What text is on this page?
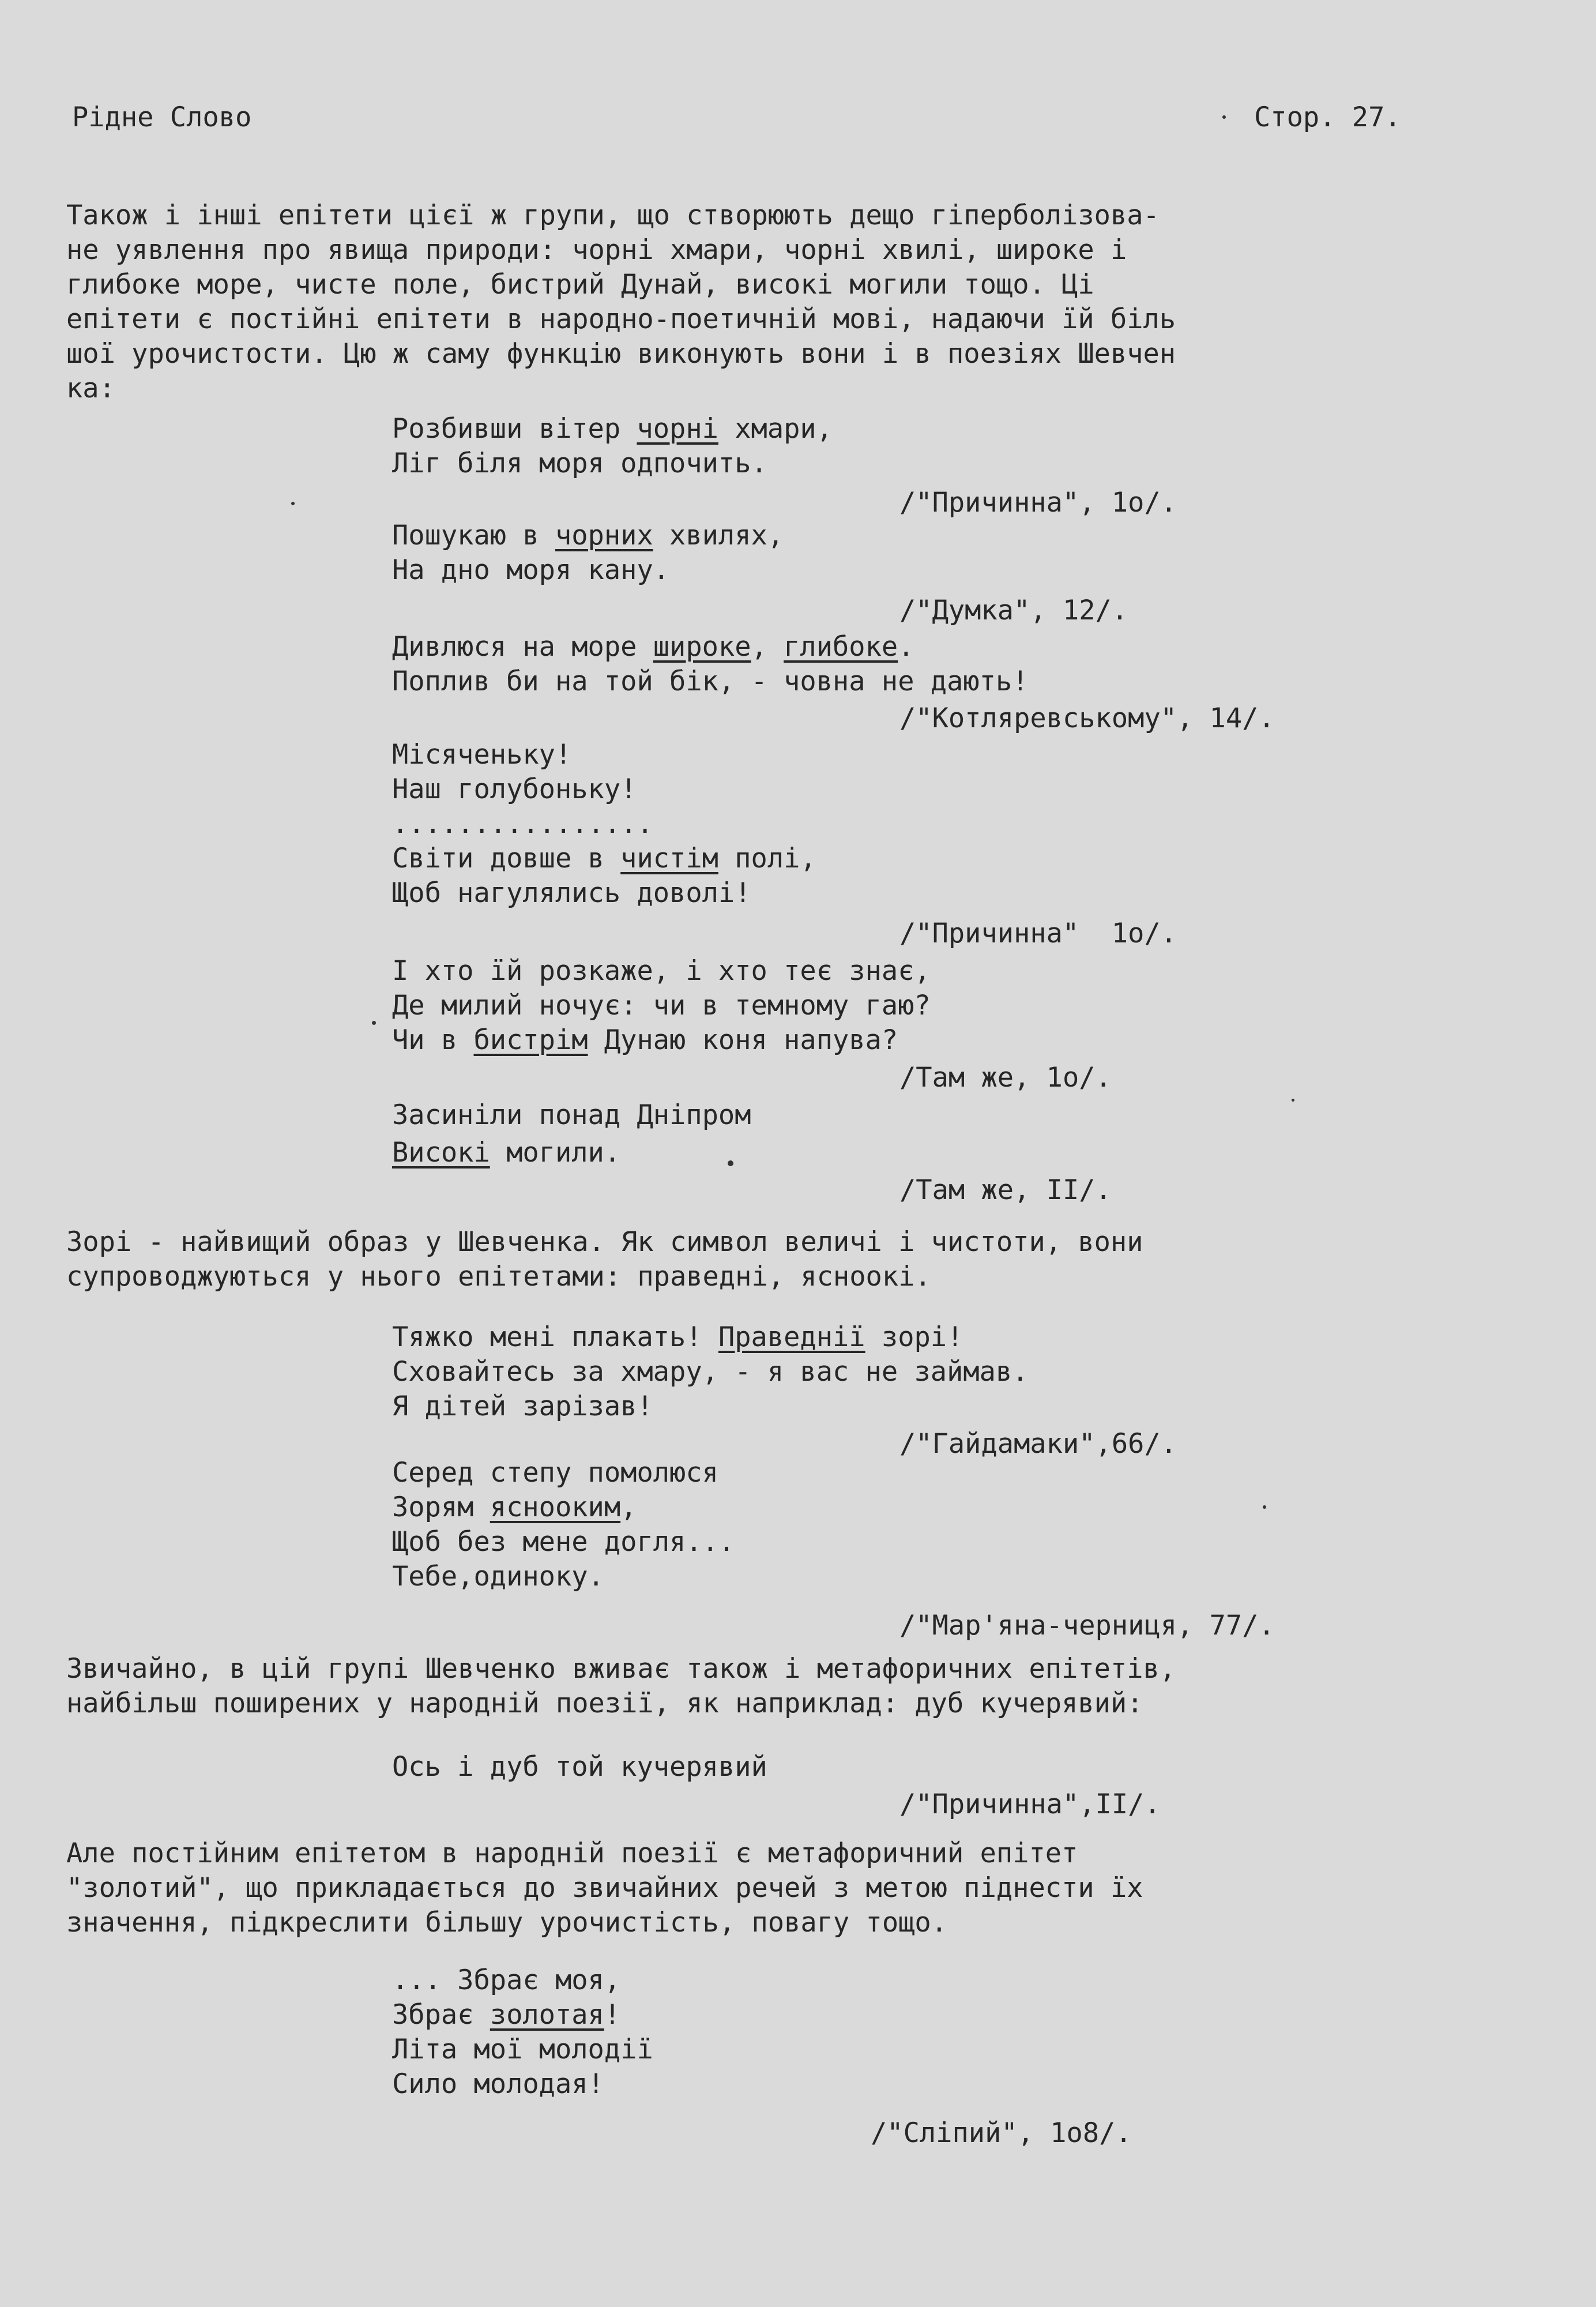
Рідне Слово	Стор. 27.
Також і інші епітети цієї ж групи, що створюють дещо гіперболізова-
не уявлення про явища природи: чорні хмари, чорні хвилі, широке і
глибоке море, чисте поле, бистрий Дунай, високі могили тощо. Ці
епітети є постійні епітети в народно-поетичній мові, надаючи їй біль
шої урочистости. Цю ж саму функцію виконують вони і в поезіях Шевчен
ка:
Розбивши вітер чорні хмари,
Ліг біля моря одпочить.
/"Причинна", 1о/.
Пошукаю в чорних хвилях,
На дно моря кану.
/"Думка", 12/.
Дивлюся на море широке, глибоке.
Поплив би на той бік, - човна не дають!
/"Котляревському", 14/.
Місяченьку!
Наш голубоньку!
................
Світи довше в чистім полі,
Щоб нагулялись доволі!
/"Причинна"  1о/.
І хто їй розкаже, і хто теє знає,
Де милий ночує: чи в темному гаю?
Чи в бистрім Дунаю коня напува?
/Там же, 1о/.
Засиніли понад Дніпром
Високі могили.
/Там же, ІІ/.
Зорі - найвищий образ у Шевченка. Як символ величі і чистоти, вони
супроводжуються у нього епітетами: праведні, ясноокі.
Тяжко мені плакать! Праведнії зорі!
Сховайтесь за хмару, - я вас не займав.
Я дітей зарізав!
/"Гайдамаки",66/.
Серед степу помолюся
Зорям яснооким,
Щоб без мене догля...
Тебе,одиноку.
/"Мар'яна-черниця, 77/.
Звичайно, в цій групі Шевченко вживає також і метафоричних епітетів,
найбільш поширених у народній поезії, як наприклад: дуб кучерявий:
Ось і дуб той кучерявий
/"Причинна",ІІ/.
Але постійним епітетом в народній поезії є метафоричний епітет
"золотий", що прикладається до звичайних речей з метою піднести їх
значення, підкреслити більшу урочистість, повагу тощо.
... Збрає моя,
Збрає золотая!
Літа мої молодії
Сило молодая!
/"Сліпий", 1о8/.
